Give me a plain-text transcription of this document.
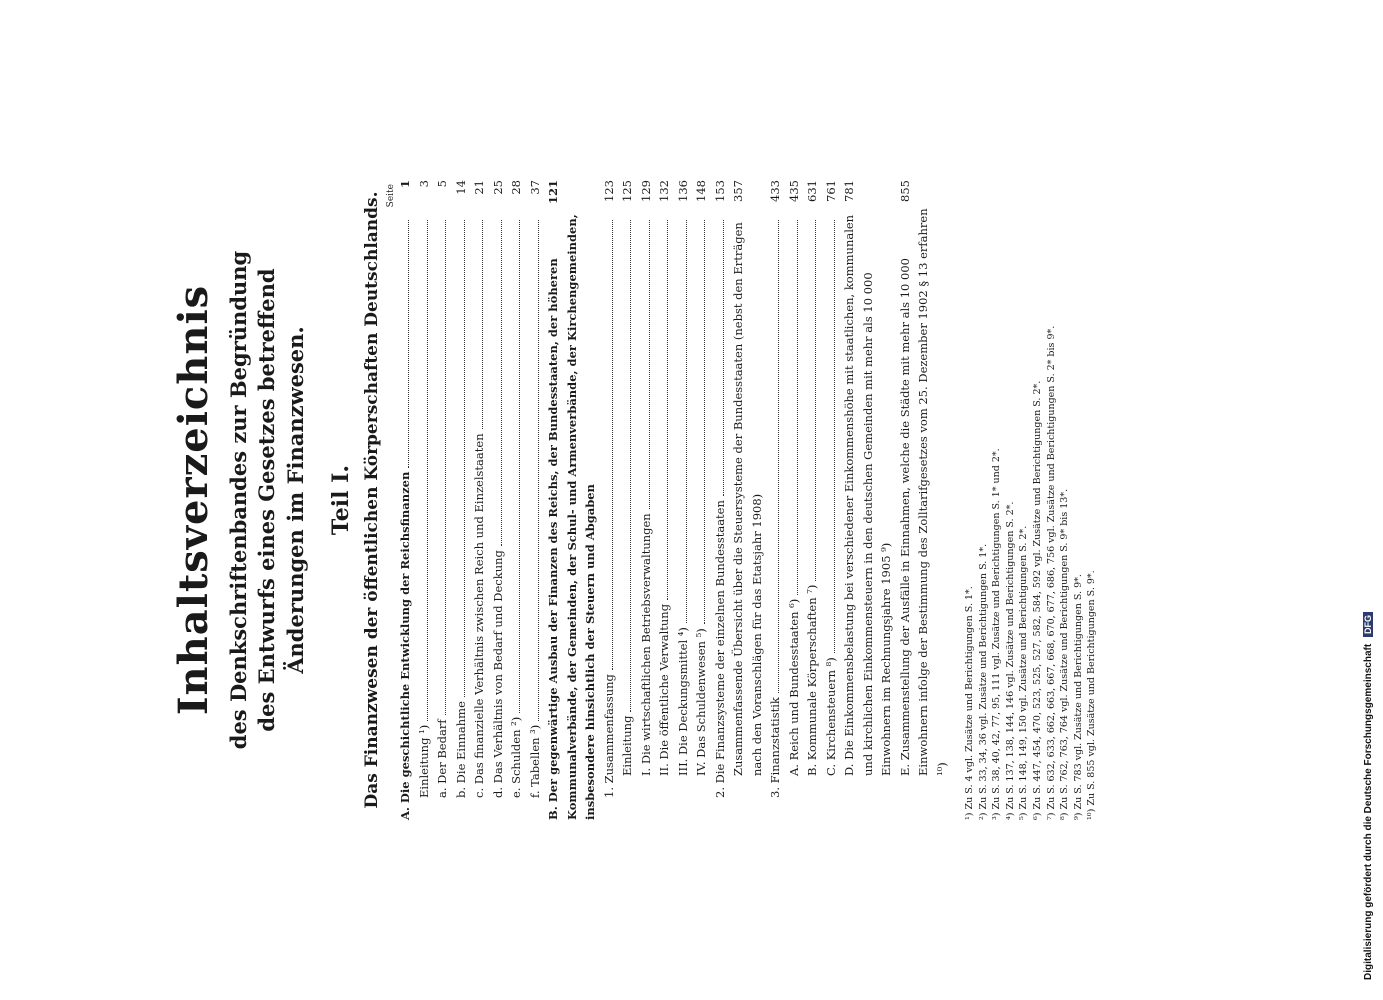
Inhaltsverzeichnis des Denkschriftenbandes zur Begründung des Entwurfs eines Gesetzes betreffend Änderungen im Finanzwesen. Teil I. Das Finanzwesen der öffentlichen Körperschaften Deutschlands. Seite
A. Die geschichtliche Entwicklung der Reichsfinanzen
1
Einleitung ¹)
3
a. Der Bedarf
5
b. Die Einnahme
14
c. Das finanzielle Verhältnis zwischen Reich und Einzelstaaten
21
d. Das Verhältnis von Bedarf und Deckung
25
e. Schulden ²)
28
f. Tabellen ³)
37
B. Der gegenwärtige Ausbau der Finanzen des Reichs, der Bundesstaaten, der höheren Kommunalverbände, der Gemeinden, der Schul- und Armenverbände, der Kirchengemeinden, insbesondere hinsichtlich der Steuern und Abgaben
121
1. Zusammenfassung
123
Einleitung
125
I. Die wirtschaftlichen Betriebsverwaltungen
129
II. Die öffentliche Verwaltung
132
III. Die Deckungsmittel ⁴)
136
IV. Das Schuldenwesen ⁵)
148
2. Die Finanzsysteme der einzelnen Bundesstaaten
153
Zusammenfassende Übersicht über die Steuersysteme der Bundesstaaten (nebst den Erträgen nach den Voranschlägen für das Etatsjahr 1908)
357
3. Finanzstatistik
433
A. Reich und Bundesstaaten ⁶)
435
B. Kommunale Körperschaften ⁷)
631
C. Kirchensteuern ⁸)
761
D. Die Einkommensbelastung bei verschiedener Einkommenshöhe mit staatlichen, kommunalen und kirchlichen Einkommensteuern in den deutschen Gemeinden mit mehr als 10 000 Einwohnern im Rechnungsjahre 1905 ⁹)
781
E. Zusammenstellung der Ausfälle in Einnahmen, welche die Städte mit mehr als 10 000 Einwohnern infolge der Bestimmung des Zolltarifgesetzes vom 25. Dezember 1902 § 13 erfahren ¹⁰)
855
¹) Zu S. 4 vgl. Zusätze und Berichtigungen S. 1*. ²) Zu S. 33, 34, 36 vgl. Zusätze und Berichtigungen S. 1*. ³) Zu S. 38, 40, 42, 77, 95, 111 vgl. Zusätze und Berichtigungen S. 1* und 2*. ⁴) Zu S. 137, 138, 144, 146 vgl. Zusätze und Berichtigungen S. 2*. ⁵) Zu S. 148, 149, 150 vgl. Zusätze und Berichtigungen S. 2*. ⁶) Zu S. 447, 454, 470, 523, 525, 527, 582, 584, 592 vgl. Zusätze und Berichtigungen S. 2*. ⁷) Zu S. 632, 633, 662, 663, 667, 668, 670, 677, 686, 756 vgl. Zusätze und Berichtigungen S. 2* bis 9*. ⁸) Zu S. 762, 763, 764 vgl. Zusätze und Berichtigungen S. 9* bis 13*. ⁹) Zu S. 783 vgl. Zusätze und Berichtigungen S. 9*. ¹⁰) Zu S. 855 vgl. Zusätze und Berichtigungen S. 9*.	Digitalisierung gefördert durch die Deutsche Forschungsgemeinschaft DFG
